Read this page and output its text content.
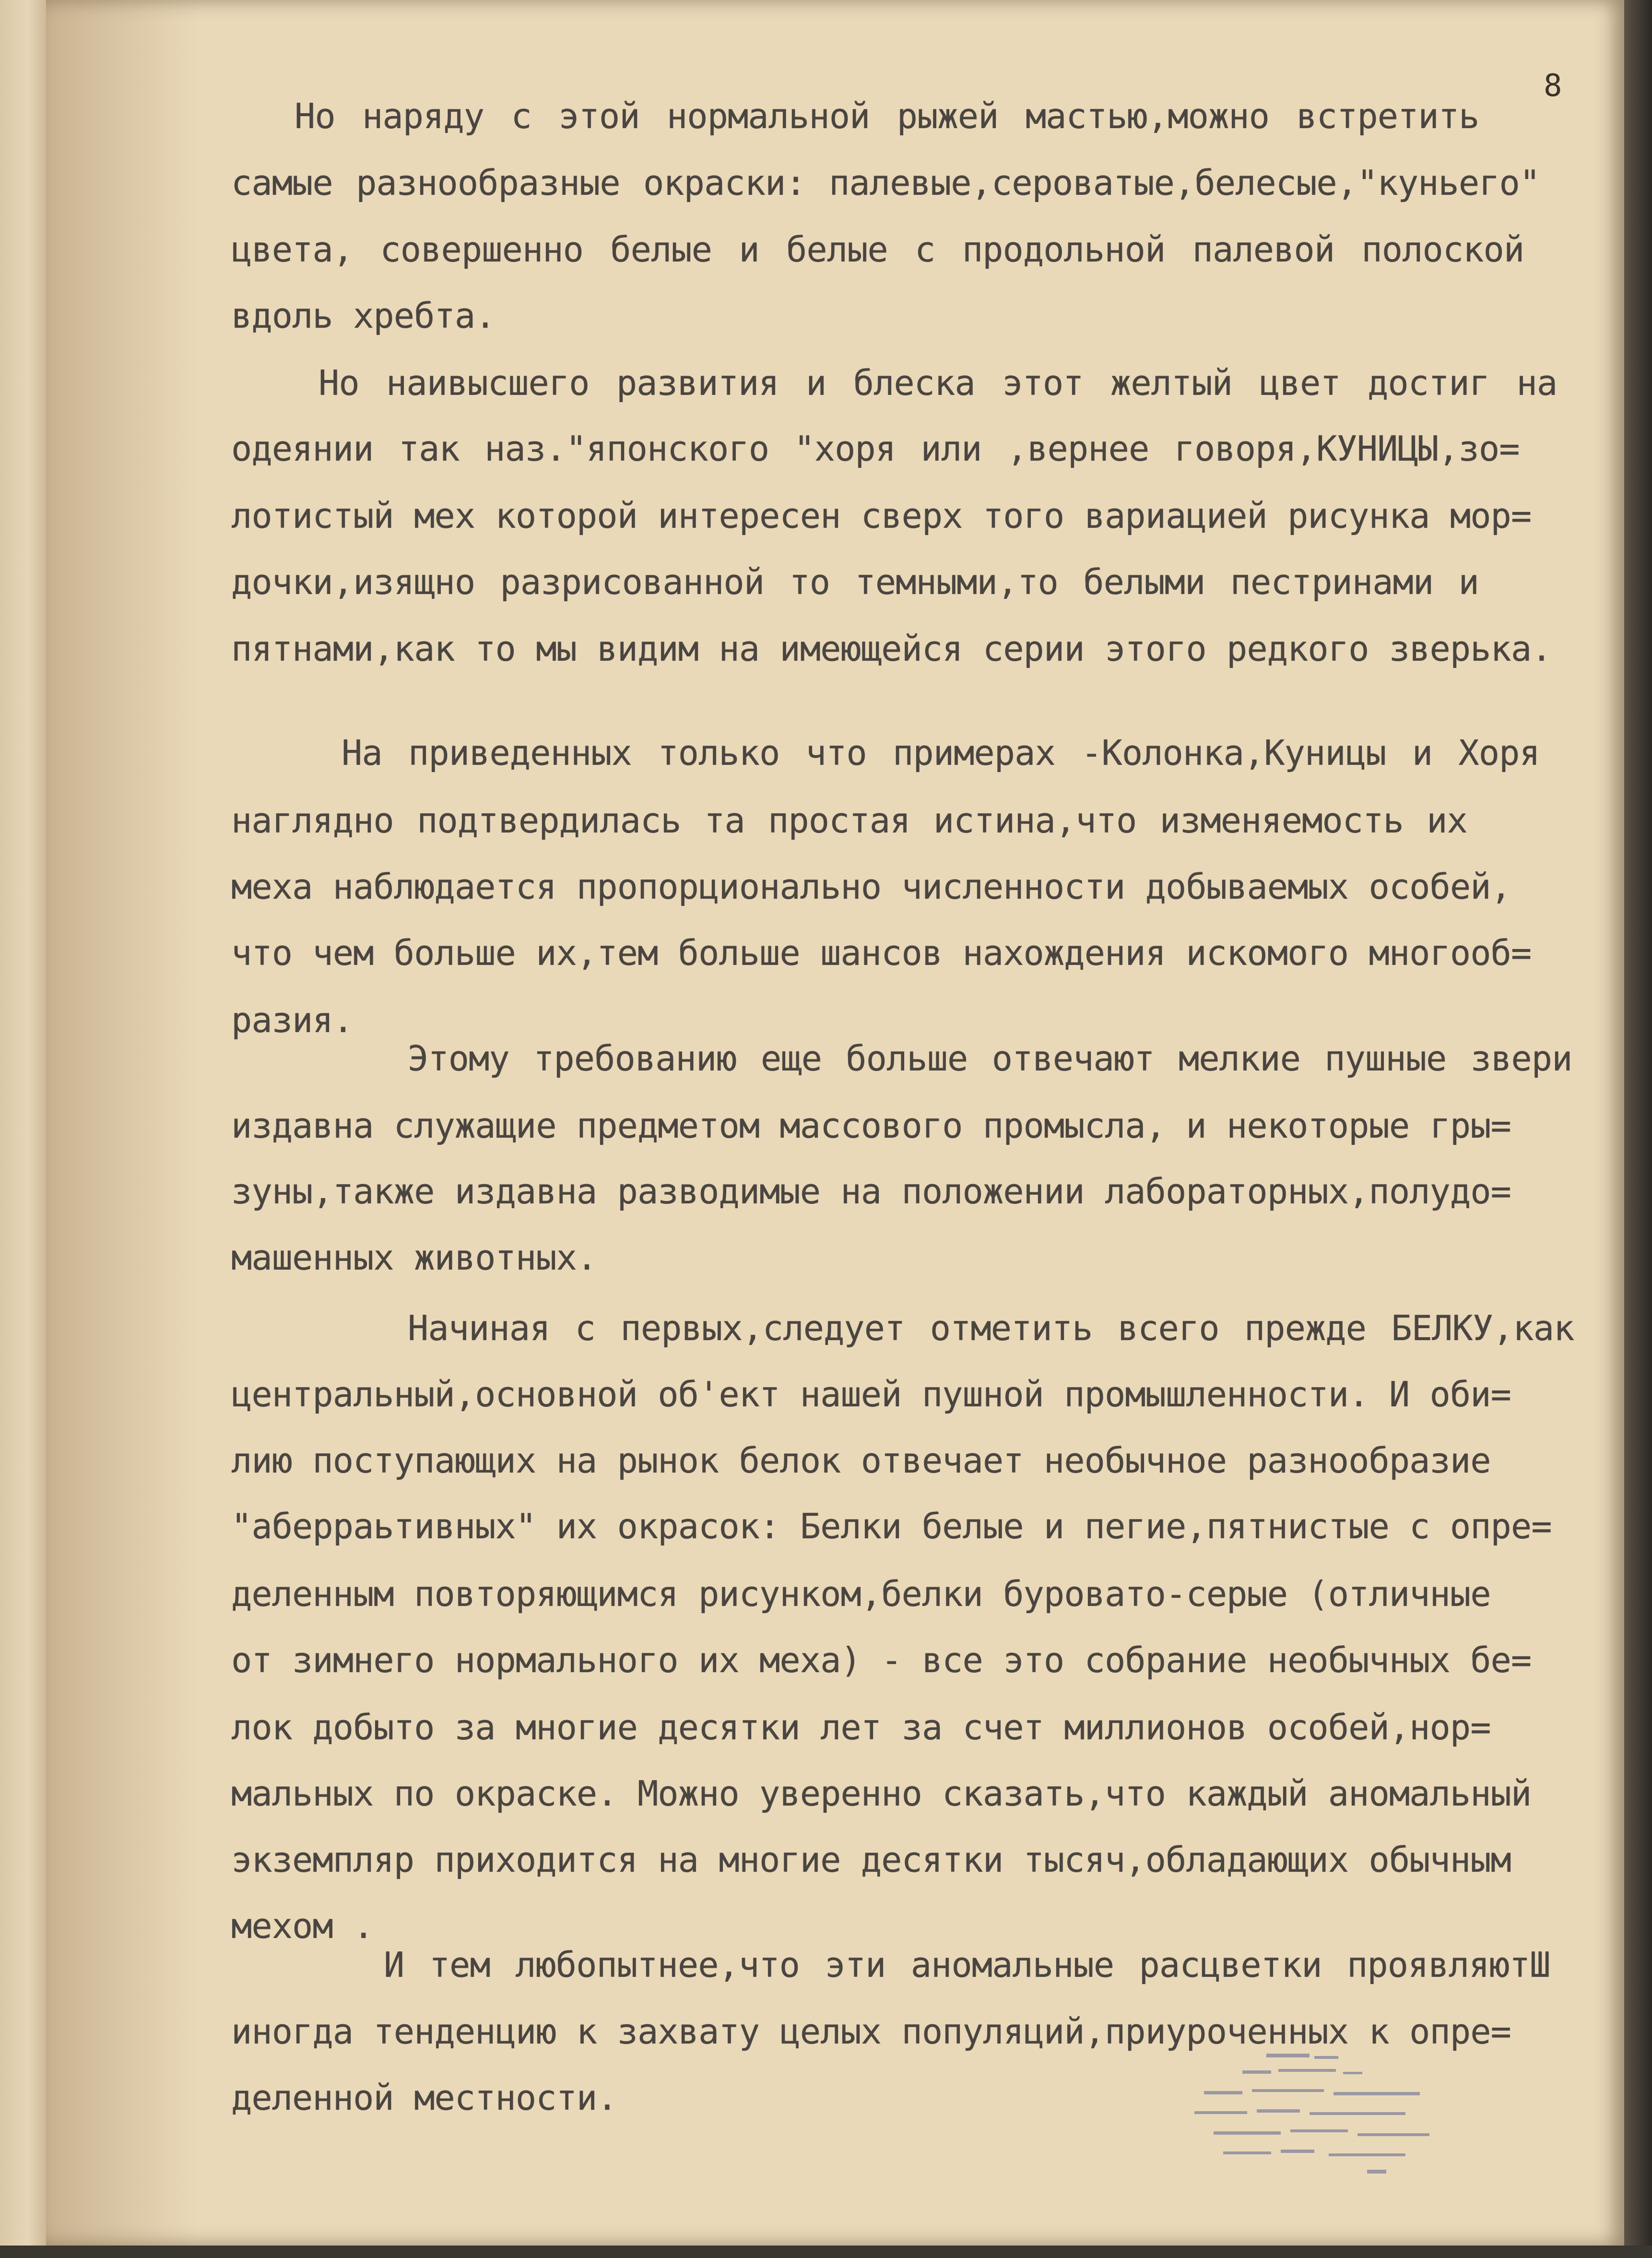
8

Но наряду с этой нормальной рыжей мастью,можно встретить

самые разнообразные окраски: палевые,сероватые,белесые,"куньего"

цвета, совершенно белые и белые с продольной палевой полоской

вдоль хребта.

Но наивысшего развития и блеска этот желтый цвет достиг на

одеянии так наз."японского "хоря или ,вернее говоря,КУНИЦЫ,зо=

лотистый мех которой интересен сверх того вариацией рисунка мор=

дочки,изящно разрисованной то темными,то белыми пестринами и

пятнами,как то мы видим на имеющейся серии этого редкого зверька.

На приведенных только что примерах -Колонка,Куницы и Хоря

наглядно подтвердилась та простая истина,что изменяемость их

меха наблюдается пропорционально численности добываемых особей,

что чем больше их,тем больше шансов нахождения искомого многооб=

разия.

Этому требованию еще больше отвечают мелкие пушные звери

издавна служащие предметом массового промысла, и некоторые гры=

зуны,также издавна разводимые на положении лабораторных,полудо=

машенных животных.

Начиная с первых,следует отметить всего прежде БЕЛКУ,как

центральный,основной об'ект нашей пушной промышленности. И оби=

лию поступающих на рынок белок отвечает необычное разнообразие

"аберраьтивных" их окрасок: Белки белые и пегие,пятнистые с опре=

деленным повторяющимся рисунком,белки буровато-серые (отличные

от зимнего нормального их меха) - все это собрание необычных бе=

лок добыто за многие десятки лет за счет миллионов особей,нор=

мальных по окраске. Можно уверенно сказать,что каждый аномальный

экземпляр приходится на многие десятки тысяч,обладающих обычным

мехом .

И тем любопытнее,что эти аномальные расцветки проявляютШ

иногда тенденцию к захвату целых популяций,приуроченных к опре=

деленной местности.
